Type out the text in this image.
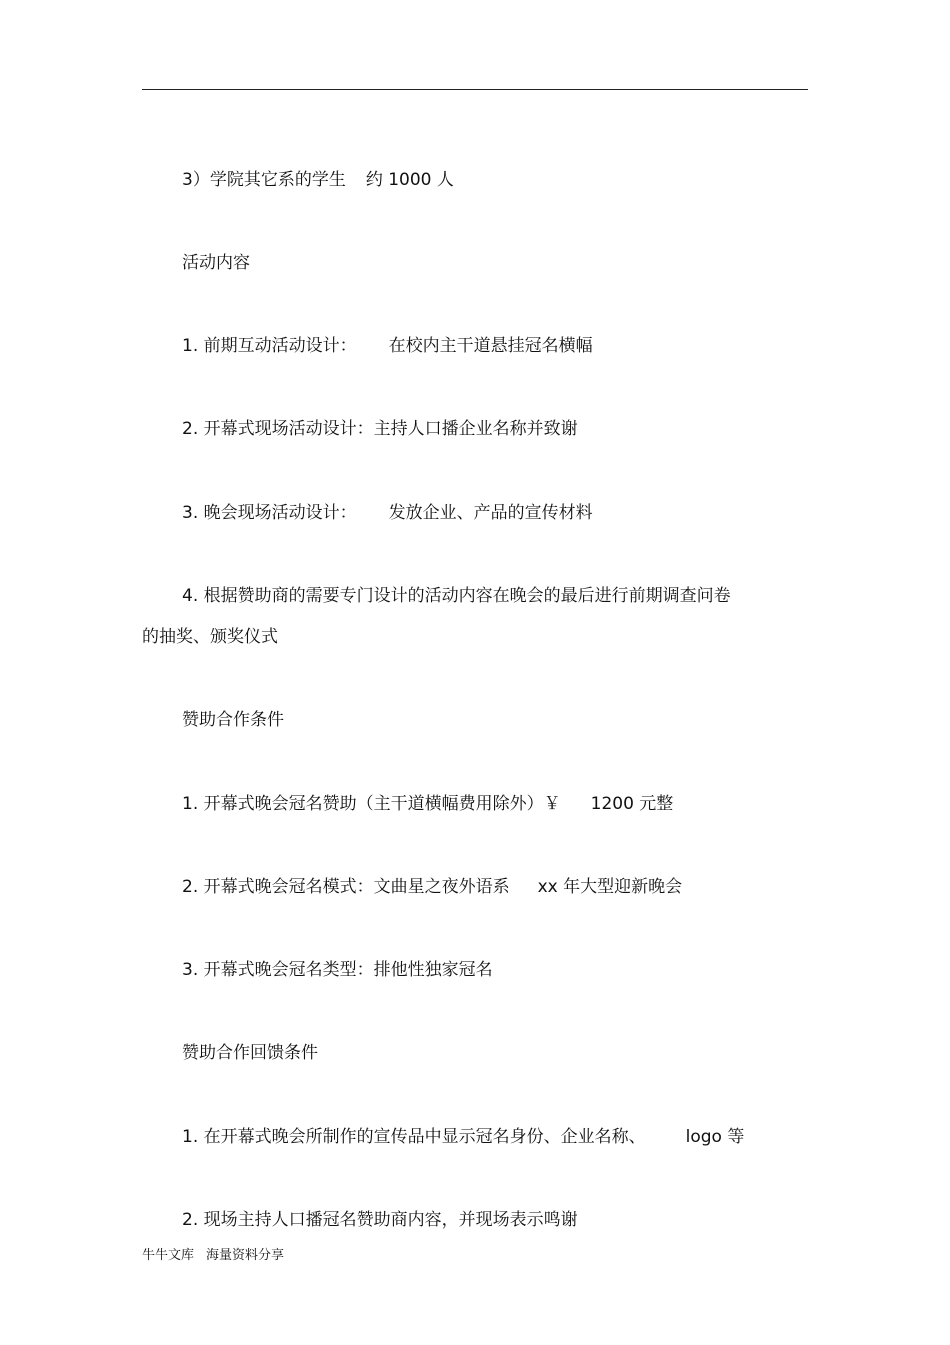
3）学院其它系的学生 约 1000 人
活动内容
1. 前期互动活动设计： 在校内主干道悬挂冠名横幅
2. 开幕式现场活动设计：主持人口播企业名称并致谢
3. 晚会现场活动设计： 发放企业、产品的宣传材料
4. 根据赞助商的需要专门设计的活动内容在晚会的最后进行前期调查问卷
的抽奖、颁奖仪式
赞助合作条件
1. 开幕式晚会冠名赞助（主干道横幅费用除外）￥ 1200 元整
2. 开幕式晚会冠名模式：文曲星之夜外语系 xx 年大型迎新晚会
3. 开幕式晚会冠名类型：排他性独家冠名
赞助合作回馈条件
1. 在开幕式晚会所制作的宣传品中显示冠名身份、企业名称、 logo 等
2. 现场主持人口播冠名赞助商内容，并现场表示鸣谢
牛牛文库 海量资料分享
